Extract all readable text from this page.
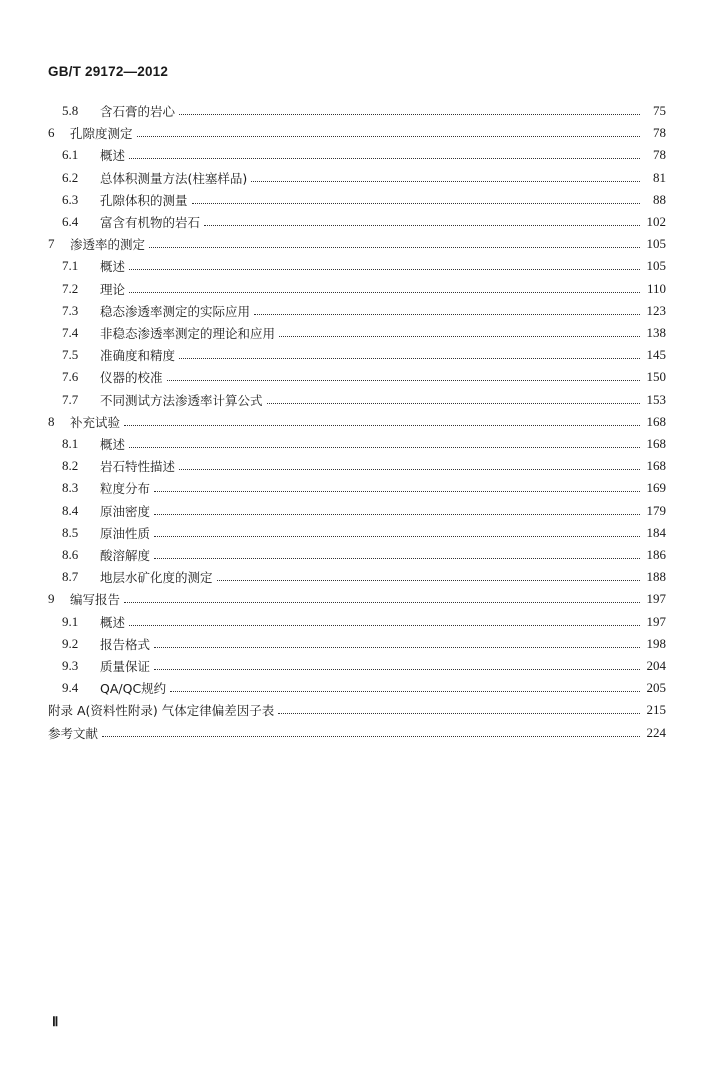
GB/T 29172—2012
5.8	含石膏的岩心	75
6	孔隙度测定	78
6.1	概述	78
6.2	总体积测量方法(柱塞样品)	81
6.3	孔隙体积的测量	88
6.4	富含有机物的岩石	102
7	渗透率的测定	105
7.1	概述	105
7.2	理论	110
7.3	稳态渗透率测定的实际应用	123
7.4	非稳态渗透率测定的理论和应用	138
7.5	准确度和精度	145
7.6	仪器的校准	150
7.7	不同测试方法渗透率计算公式	153
8	补充试验	168
8.1	概述	168
8.2	岩石特性描述	168
8.3	粒度分布	169
8.4	原油密度	179
8.5	原油性质	184
8.6	酸溶解度	186
8.7	地层水矿化度的测定	188
9	编写报告	197
9.1	概述	197
9.2	报告格式	198
9.3	质量保证	204
9.4	QA/QC规约	205
附录 A(资料性附录) 气体定律偏差因子表	215
参考文献	224
Ⅱ
